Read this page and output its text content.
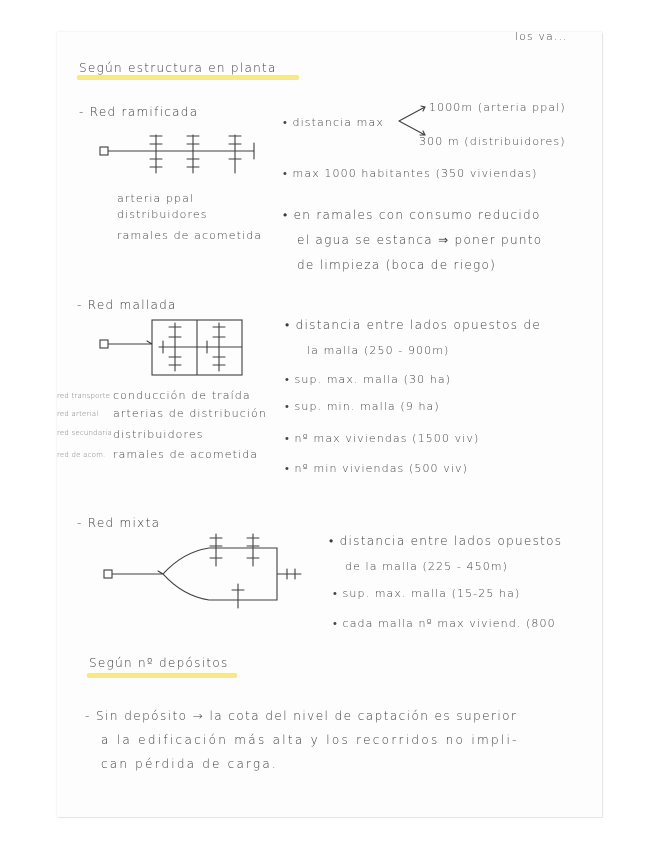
los va...
Según estructura en planta
- Red ramificada
arteria ppal
distribuidores
ramales de acometida
• distancia max
1000m (arteria ppal)
300 m (distribuidores)
• max 1000 habitantes (350 viviendas)
• en ramales con consumo reducido
el agua se estanca ⇒ poner punto
de limpieza (boca de riego)
- Red mallada
red transporte conducción de traída
red arterial arterias de distribución
red secundaria distribuidores
red de acom. ramales de acometida
• distancia entre lados opuestos de
la malla (250 - 900m)
• sup. max. malla (30 ha)
• sup. min. malla (9 ha)
• nº max viviendas (1500 viv)
• nº min viviendas (500 viv)
- Red mixta
• distancia entre lados opuestos
de la malla (225 - 450m)
• sup. max. malla (15-25 ha)
• cada malla nº max viviend. (800
Según nº depósitos
- Sin depósito → la cota del nivel de captación es superior
a la edificación más alta y los recorridos no impli-
can pérdida de carga.
